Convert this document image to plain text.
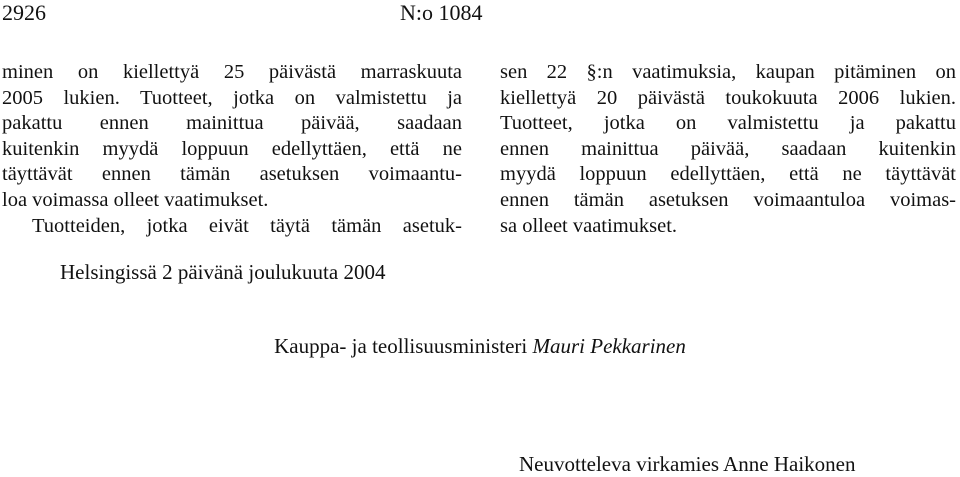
2926	N:o 1084
minen on kiellettyä 25 päivästä marraskuuta
2005 lukien. Tuotteet, jotka on valmistettu ja
pakattu ennen mainittua päivää, saadaan
kuitenkin myydä loppuun edellyttäen, että ne
täyttävät ennen tämän asetuksen voimaantu-
loa voimassa olleet vaatimukset.
Tuotteiden, jotka eivät täytä tämän asetuk-
sen 22 §:n vaatimuksia, kaupan pitäminen on
kiellettyä 20 päivästä toukokuuta 2006 lukien.
Tuotteet, jotka on valmistettu ja pakattu
ennen mainittua päivää, saadaan kuitenkin
myydä loppuun edellyttäen, että ne täyttävät
ennen tämän asetuksen voimaantuloa voimas-
sa olleet vaatimukset.
Helsingissä 2 päivänä joulukuuta 2004
Kauppa- ja teollisuusministeri Mauri Pekkarinen
Neuvotteleva virkamies Anne Haikonen
